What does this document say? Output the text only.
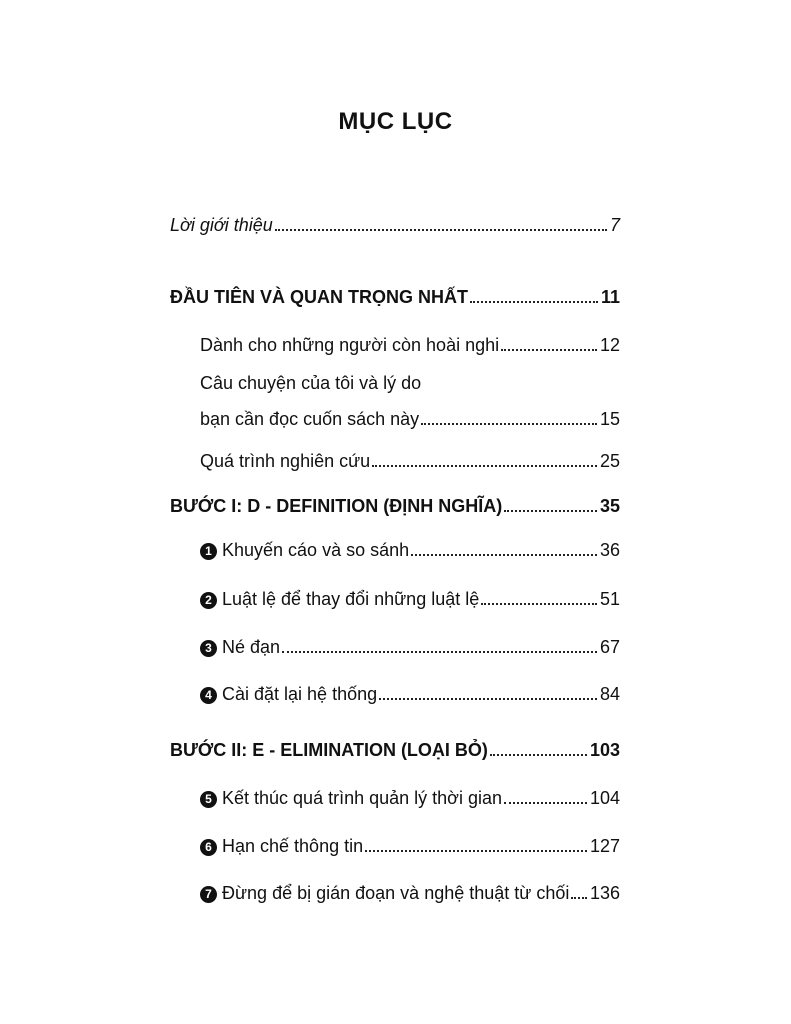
MỤC LỤC
Lời giới thiệu	7
ĐẦU TIÊN VÀ QUAN TRỌNG NHẤT	11
Dành cho những người còn hoài nghi	12
Câu chuyện của tôi và lý do
bạn cần đọc cuốn sách này	15
Quá trình nghiên cứu	25
BƯỚC I: D - DEFINITION (ĐỊNH NGHĨA)	35
1 Khuyến cáo và so sánh	36
2 Luật lệ để thay đổi những luật lệ	51
3 Né đạn	67
4 Cài đặt lại hệ thống	84
BƯỚC II: E - ELIMINATION (LOẠI BỎ)	103
5 Kết thúc quá trình quản lý thời gian	104
6 Hạn chế thông tin	127
7 Đừng để bị gián đoạn và nghệ thuật từ chối 136
